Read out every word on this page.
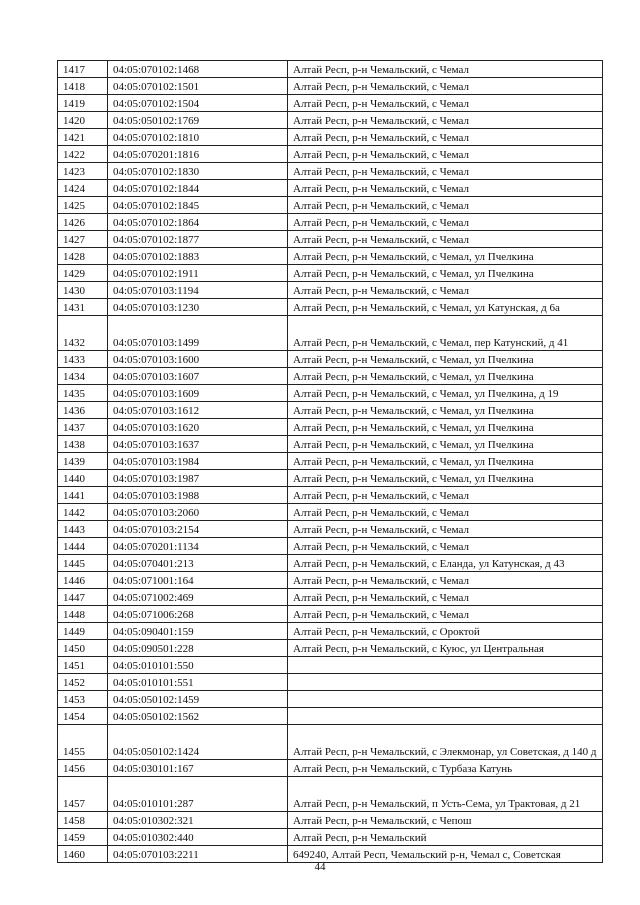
1417	04:05:070102:1468	Алтай Респ, р-н Чемальский, с Чемал
1418	04:05:070102:1501	Алтай Респ, р-н Чемальский, с Чемал
1419	04:05:070102:1504	Алтай Респ, р-н Чемальский, с Чемал
1420	04:05:050102:1769	Алтай Респ, р-н Чемальский, с Чемал
1421	04:05:070102:1810	Алтай Респ, р-н Чемальский, с Чемал
1422	04:05:070201:1816	Алтай Респ, р-н Чемальский, с Чемал
1423	04:05:070102:1830	Алтай Респ, р-н Чемальский, с Чемал
1424	04:05:070102:1844	Алтай Респ, р-н Чемальский, с Чемал
1425	04:05:070102:1845	Алтай Респ, р-н Чемальский, с Чемал
1426	04:05:070102:1864	Алтай Респ, р-н Чемальский, с Чемал
1427	04:05:070102:1877	Алтай Респ, р-н Чемальский, с Чемал
1428	04:05:070102:1883	Алтай Респ, р-н Чемальский, с Чемал, ул Пчелкина
1429	04:05:070102:1911	Алтай Респ, р-н Чемальский, с Чемал, ул Пчелкина
1430	04:05:070103:1194	Алтай Респ, р-н Чемальский, с Чемал
1431	04:05:070103:1230	Алтай Респ, р-н Чемальский, с Чемал, ул Катунская, д 6а
1432	04:05:070103:1499	Алтай Респ, р-н Чемальский, с Чемал, пер Катунский, д 41
1433	04:05:070103:1600	Алтай Респ, р-н Чемальский, с Чемал, ул Пчелкина
1434	04:05:070103:1607	Алтай Респ, р-н Чемальский, с Чемал, ул Пчелкина
1435	04:05:070103:1609	Алтай Респ, р-н Чемальский, с Чемал, ул Пчелкина, д 19
1436	04:05:070103:1612	Алтай Респ, р-н Чемальский, с Чемал, ул Пчелкина
1437	04:05:070103:1620	Алтай Респ, р-н Чемальский, с Чемал, ул Пчелкина
1438	04:05:070103:1637	Алтай Респ, р-н Чемальский, с Чемал, ул Пчелкина
1439	04:05:070103:1984	Алтай Респ, р-н Чемальский, с Чемал, ул Пчелкина
1440	04:05:070103:1987	Алтай Респ, р-н Чемальский, с Чемал, ул Пчелкина
1441	04:05:070103:1988	Алтай Респ, р-н Чемальский, с Чемал
1442	04:05:070103:2060	Алтай Респ, р-н Чемальский, с Чемал
1443	04:05:070103:2154	Алтай Респ, р-н Чемальский, с Чемал
1444	04:05:070201:1134	Алтай Респ, р-н Чемальский, с Чемал
1445	04:05:070401:213	Алтай Респ, р-н Чемальский, с Еланда, ул Катунская, д 43
1446	04:05:071001:164	Алтай Респ, р-н Чемальский, с Чемал
1447	04:05:071002:469	Алтай Респ, р-н Чемальский, с Чемал
1448	04:05:071006:268	Алтай Респ, р-н Чемальский, с Чемал
1449	04:05:090401:159	Алтай Респ, р-н Чемальский, с Ороктой
1450	04:05:090501:228	Алтай Респ, р-н Чемальский, с Куюс, ул Центральная
1451	04:05:010101:550	
1452	04:05:010101:551	
1453	04:05:050102:1459	
1454	04:05:050102:1562	
1455	04:05:050102:1424	Алтай Респ, р-н Чемальский, с Элекмонар, ул Советская, д 140 д
1456	04:05:030101:167	Алтай Респ, р-н Чемальский, с Турбаза Катунь
1457	04:05:010101:287	Алтай Респ, р-н Чемальский, п Усть-Сема, ул Трактовая, д 21
1458	04:05:010302:321	Алтай Респ, р-н Чемальский, с Чепош
1459	04:05:010302:440	Алтай Респ, р-н Чемальский
1460	04:05:070103:2211	649240, Алтай Респ, Чемальский р-н, Чемал с, Советская
44
